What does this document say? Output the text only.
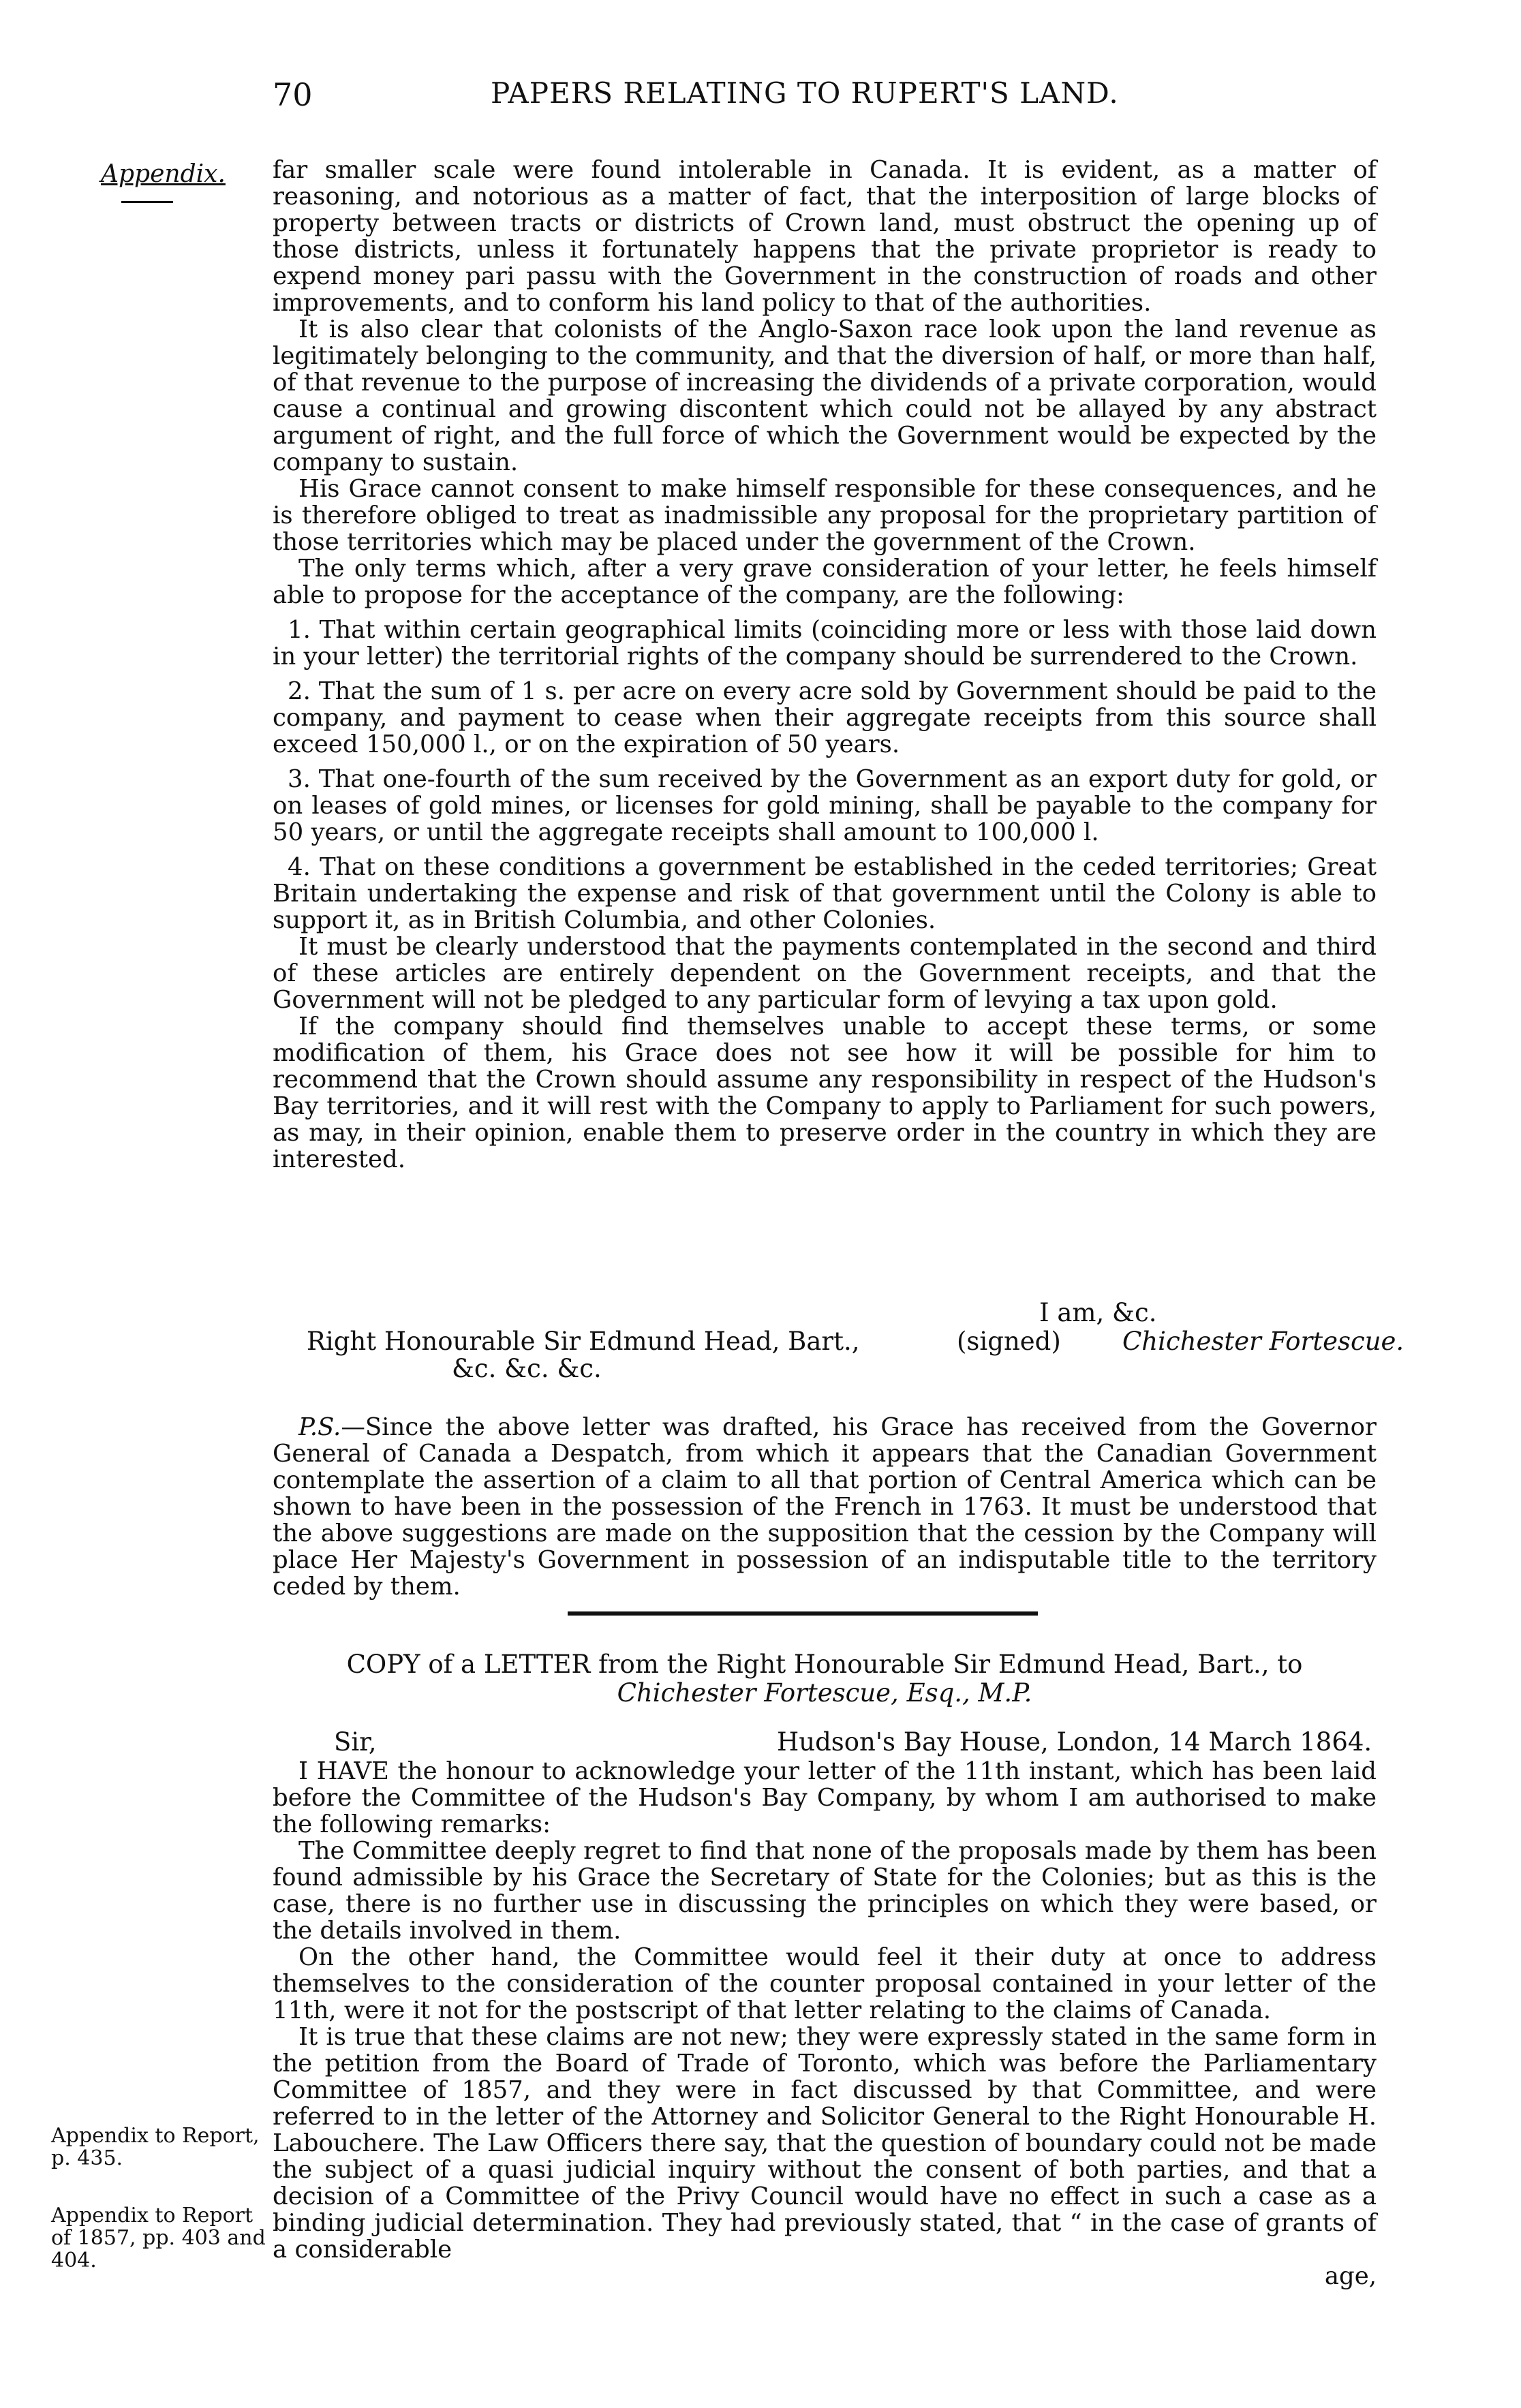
70	PAPERS RELATING TO RUPERT'S LAND.
Appendix. far smaller scale were found intolerable in Canada. It is evident, as a matter of reasoning, and notorious as a matter of fact, that the interposition of large blocks of property between tracts or districts of Crown land, must obstruct the opening up of those districts, unless it fortunately happens that the private proprietor is ready to expend money pari passu with the Government in the construction of roads and other improvements, and to conform his land policy to that of the authorities.

It is also clear that colonists of the Anglo-Saxon race look upon the land revenue as legitimately belonging to the community, and that the diversion of half, or more than half, of that revenue to the purpose of increasing the dividends of a private corporation, would cause a continual and growing discontent which could not be allayed by any abstract argument of right, and the full force of which the Government would be expected by the company to sustain.

His Grace cannot consent to make himself responsible for these consequences, and he is therefore obliged to treat as inadmissible any proposal for the proprietary partition of those territories which may be placed under the government of the Crown.

The only terms which, after a very grave consideration of your letter, he feels himself able to propose for the acceptance of the company, are the following:

1. That within certain geographical limits (coinciding more or less with those laid down in your letter) the territorial rights of the company should be surrendered to the Crown.

2. That the sum of 1 s. per acre on every acre sold by Government should be paid to the company, and payment to cease when their aggregate receipts from this source shall exceed 150,000 l., or on the expiration of 50 years.

3. That one-fourth of the sum received by the Government as an export duty for gold, or on leases of gold mines, or licenses for gold mining, shall be payable to the company for 50 years, or until the aggregate receipts shall amount to 100,000 l.

4. That on these conditions a government be established in the ceded territories; Great Britain undertaking the expense and risk of that government until the Colony is able to support it, as in British Columbia, and other Colonies.

It must be clearly understood that the payments contemplated in the second and third of these articles are entirely dependent on the Government receipts, and that the Government will not be pledged to any particular form of levying a tax upon gold.

If the company should find themselves unable to accept these terms, or some modification of them, his Grace does not see how it will be possible for him to recommend that the Crown should assume any responsibility in respect of the Hudson's Bay territories, and it will rest with the Company to apply to Parliament for such powers, as may, in their opinion, enable them to preserve order in the country in which they are interested.

I am, &c.
Right Honourable Sir Edmund Head, Bart.,	(signed) Chichester Fortescue.
&c. &c. &c.

P.S.—Since the above letter was drafted, his Grace has received from the Governor General of Canada a Despatch, from which it appears that the Canadian Government contemplate the assertion of a claim to all that portion of Central America which can be shown to have been in the possession of the French in 1763. It must be understood that the above suggestions are made on the supposition that the cession by the Company will place Her Majesty's Government in possession of an indisputable title to the territory ceded by them.

COPY of a LETTER from the Right Honourable Sir Edmund Head, Bart., to
Chichester Fortescue, Esq., M.P.
Sir,	Hudson's Bay House, London, 14 March 1864.

I HAVE the honour to acknowledge your letter of the 11th instant, which has been laid before the Committee of the Hudson's Bay Company, by whom I am authorised to make the following remarks:

The Committee deeply regret to find that none of the proposals made by them has been found admissible by his Grace the Secretary of State for the Colonies; but as this is the case, there is no further use in discussing the principles on which they were based, or the details involved in them.

On the other hand, the Committee would feel it their duty at once to address themselves to the consideration of the counter proposal contained in your letter of the 11th, were it not for the postscript of that letter relating to the claims of Canada.

It is true that these claims are not new; they were expressly stated in the same form in the petition from the Board of Trade of Toronto, which was before the Parliamentary Committee of 1857, and they were in fact discussed by that Committee, and were referred to in the letter of the Attorney and Solicitor General to the Right Honourable H. Labouchere. The Law Officers there say, that the question of boundary could not be made the subject of a quasi judicial inquiry without the consent of both parties, and that a decision of a Committee of the Privy Council would have no effect in such a case as a binding judicial determination. They had previously stated, that “ in the case of grants of a considerable

age,

Appendix to Report, p. 435.
Appendix to Report of 1857, pp. 403 and 404.
